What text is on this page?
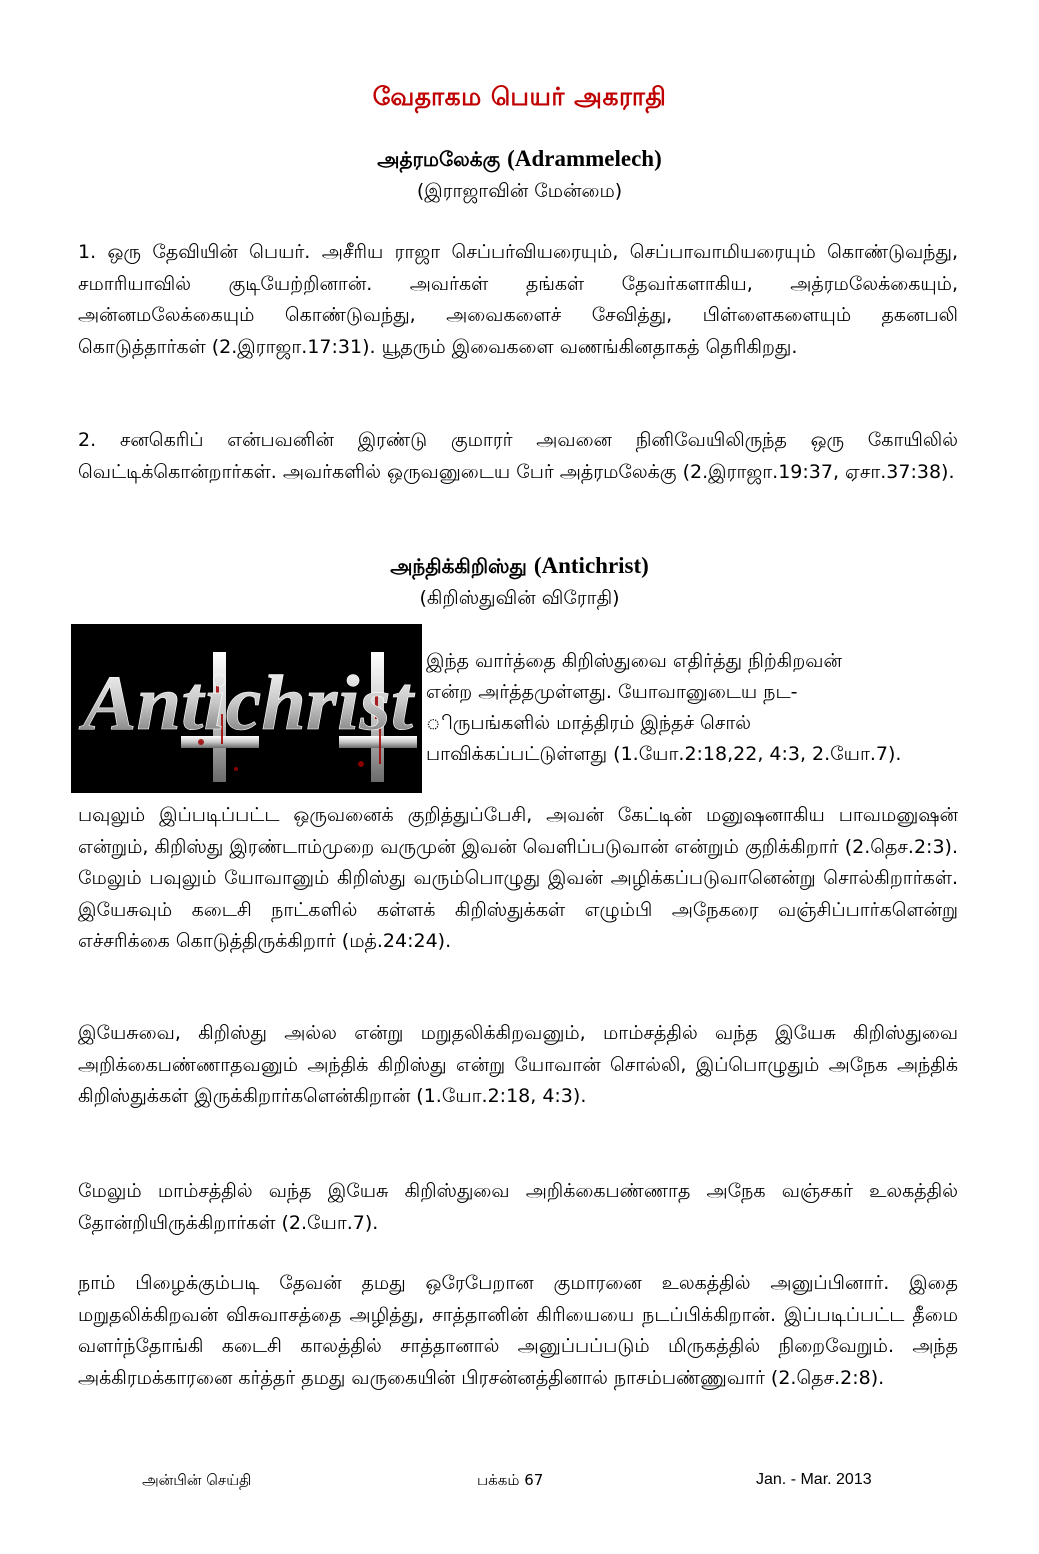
வேதாகம பெயர் அகராதி
அத்ரமலேக்கு (Adrammelech)
(இராஜாவின் மேன்மை)
1. ஒரு தேவியின் பெயர். அசீரிய ராஜா செப்பர்வியரையும், செப்பாவாமியரையும் கொண்டுவந்து, சமாரியாவில் குடியேற்றினான். அவர்கள் தங்கள் தேவர்களாகிய, அத்ரமலேக்கையும், அன்னமலேக்கையும் கொண்டுவந்து, அவைகளைச் சேவித்து, பிள்ளைகளையும் தகனபலி கொடுத்தார்கள் (2.இராஜா.17:31). யூதரும் இவைகளை வணங்கினதாகத் தெரிகிறது.
2. சனகெரிப் என்பவனின் இரண்டு குமாரர் அவனை நினிவேயிலிருந்த ஒரு கோயிலில் வெட்டிக்கொன்றார்கள். அவர்களில் ஒருவனுடைய பேர் அத்ரமலேக்கு (2.இராஜா.19:37, ஏசா.37:38).
அந்திக்கிறிஸ்து (Antichrist)
(கிறிஸ்துவின் விரோதி)
Antichrist இந்த வார்த்தை கிறிஸ்துவை எதிர்த்து நிற்கிறவன்
என்ற அர்த்தமுள்ளது. யோவானுடைய நட-
ிருபங்களில் மாத்திரம் இந்தச் சொல்
பாவிக்கப்பட்டுள்ளது (1.யோ.2:18,22, 4:3, 2.யோ.7).
பவுலும் இப்படிப்பட்ட ஒருவனைக் குறித்துப்பேசி, அவன் கேட்டின் மனுஷனாகிய பாவமனுஷன் என்றும், கிறிஸ்து இரண்டாம்முறை வருமுன் இவன் வெளிப்படுவான் என்றும் குறிக்கிறார் (2.தெச.2:3). மேலும் பவுலும் யோவானும் கிறிஸ்து வரும்பொழுது இவன் அழிக்கப்படுவானென்று சொல்கிறார்கள். இயேசுவும் கடைசி நாட்களில் கள்ளக் கிறிஸ்துக்கள் எழும்பி அநேகரை வஞ்சிப்பார்களென்று எச்சரிக்கை கொடுத்திருக்கிறார் (மத்.24:24).
இயேசுவை, கிறிஸ்து அல்ல என்று மறுதலிக்கிறவனும், மாம்சத்தில் வந்த இயேசு கிறிஸ்துவை அறிக்கைபண்ணாதவனும் அந்திக் கிறிஸ்து என்று யோவான் சொல்லி, இப்பொழுதும் அநேக அந்திக் கிறிஸ்துக்கள் இருக்கிறார்களென்கிறான் (1.யோ.2:18, 4:3).
மேலும் மாம்சத்தில் வந்த இயேசு கிறிஸ்துவை அறிக்கைபண்ணாத அநேக வஞ்சகர் உலகத்தில் தோன்றியிருக்கிறார்கள் (2.யோ.7).
நாம் பிழைக்கும்படி தேவன் தமது ஒரேபேறான குமாரனை உலகத்தில் அனுப்பினார். இதை மறுதலிக்கிறவன் விசுவாசத்தை அழித்து, சாத்தானின் கிரியையை நடப்பிக்கிறான். இப்படிப்பட்ட தீமை வளர்ந்தோங்கி கடைசி காலத்தில் சாத்தானால் அனுப்பப்படும் மிருகத்தில் நிறைவேறும். அந்த அக்கிரமக்காரனை கர்த்தர் தமது வருகையின் பிரசன்னத்தினால் நாசம்பண்ணுவார் (2.தெச.2:8).
அன்பின் செய்தி	பக்கம் 67	Jan. - Mar. 2013
